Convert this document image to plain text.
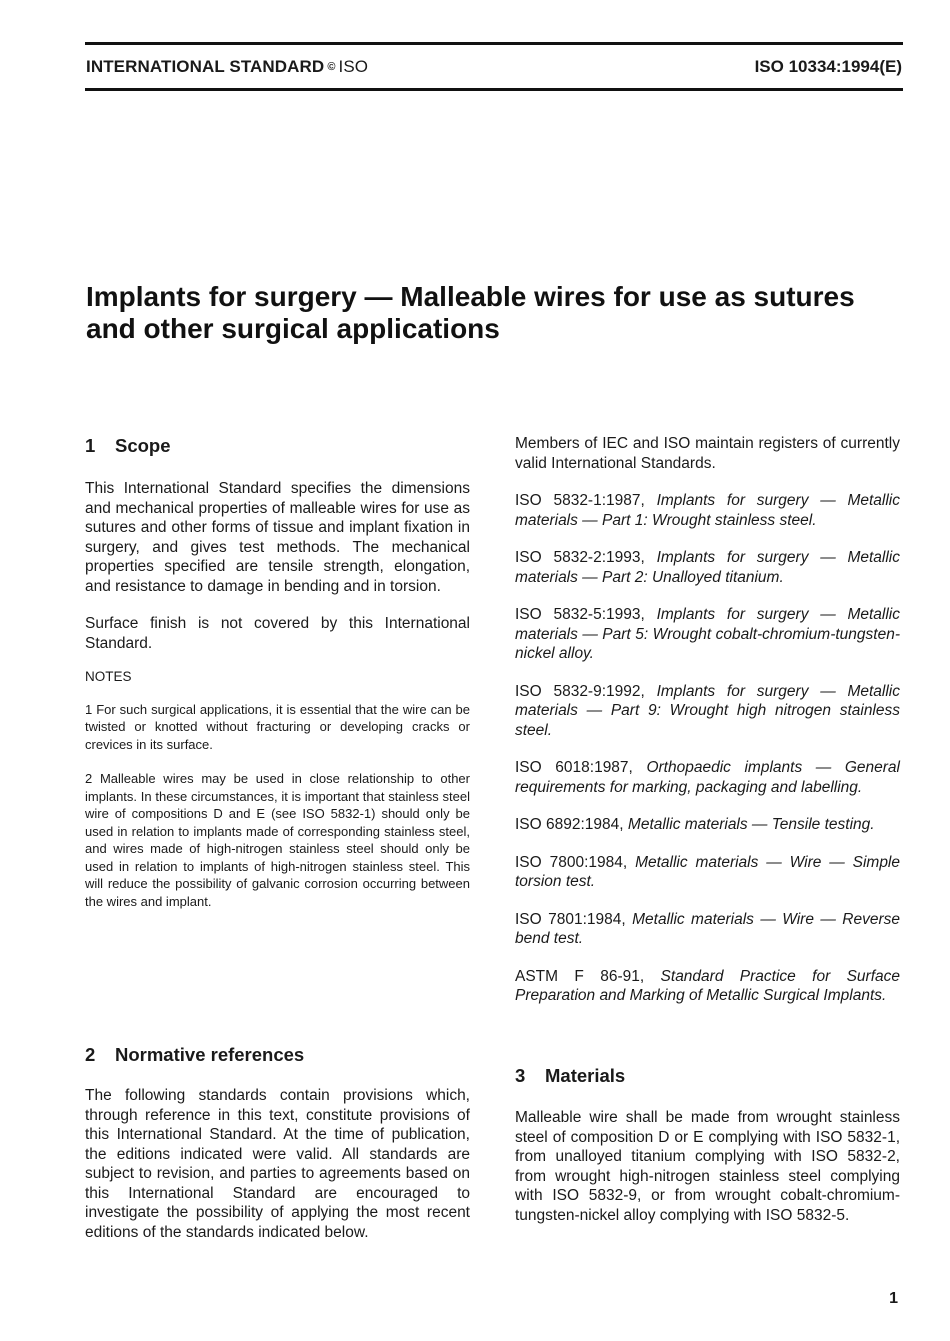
INTERNATIONAL STANDARD © ISO	ISO 10334:1994(E)
Implants for surgery — Malleable wires for use as sutures and other surgical applications
1 Scope

This International Standard specifies the dimensions and mechanical properties of malleable wires for use as sutures and other forms of tissue and implant fixation in surgery, and gives test methods. The mechanical properties specified are tensile strength, elongation, and resistance to damage in bending and in torsion.

Surface finish is not covered by this International Standard.

NOTES

1 For such surgical applications, it is essential that the wire can be twisted or knotted without fracturing or developing cracks or crevices in its surface.

2 Malleable wires may be used in close relationship to other implants. In these circumstances, it is important that stainless steel wire of compositions D and E (see ISO 5832-1) should only be used in relation to implants made of corresponding stainless steel, and wires made of high-nitrogen stainless steel should only be used in relation to implants of high-nitrogen stainless steel. This will reduce the possibility of galvanic corrosion occurring between the wires and implant.

2 Normative references

The following standards contain provisions which, through reference in this text, constitute provisions of this International Standard. At the time of publication, the editions indicated were valid. All standards are subject to revision, and parties to agreements based on this International Standard are encouraged to investigate the possibility of applying the most recent editions of the standards indicated below.

Members of IEC and ISO maintain registers of currently valid International Standards.

ISO 5832-1:1987, Implants for surgery — Metallic materials — Part 1: Wrought stainless steel.

ISO 5832-2:1993, Implants for surgery — Metallic materials — Part 2: Unalloyed titanium.

ISO 5832-5:1993, Implants for surgery — Metallic materials — Part 5: Wrought cobalt-chromium-tungsten-nickel alloy.

ISO 5832-9:1992, Implants for surgery — Metallic materials — Part 9: Wrought high nitrogen stainless steel.

ISO 6018:1987, Orthopaedic implants — General requirements for marking, packaging and labelling.

ISO 6892:1984, Metallic materials — Tensile testing.

ISO 7800:1984, Metallic materials — Wire — Simple torsion test.

ISO 7801:1984, Metallic materials — Wire — Reverse bend test.

ASTM F 86-91, Standard Practice for Surface Preparation and Marking of Metallic Surgical Implants.

3 Materials

Malleable wire shall be made from wrought stainless steel of composition D or E complying with ISO 5832-1, from unalloyed titanium complying with ISO 5832-2, from wrought high-nitrogen stainless steel complying with ISO 5832-9, or from wrought cobalt-chromium-tungsten-nickel alloy complying with ISO 5832-5.

1
